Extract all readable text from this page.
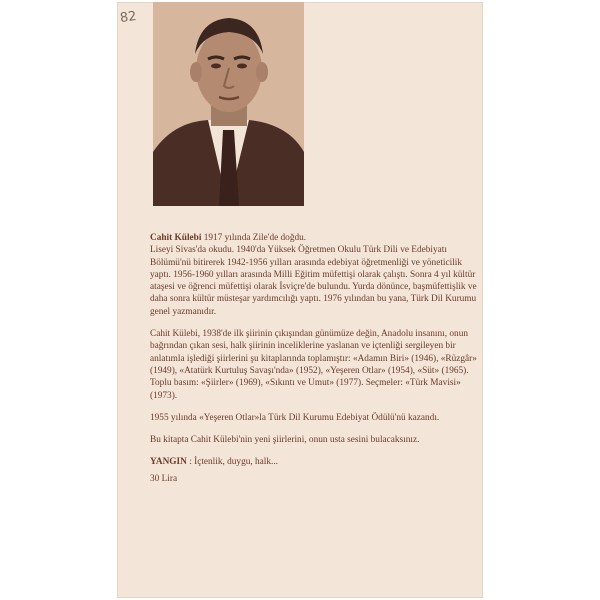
82

Cahit Külebi 1917 yılında Zile'de doğdu.
Liseyi Sivas'da okudu. 1940'da Yüksek Öğretmen Okulu Türk Dili ve Edebiyatı Bölümü'nü bitirerek 1942-1956 yılları arasında edebiyat öğretmenliği ve yöneticilik yaptı. 1956-1960 yılları arasında Milli Eğitim müfettişi olarak çalıştı. Sonra 4 yıl kültür ataşesi ve öğrenci müfettişi olarak İsviçre'de bulundu. Yurda dönünce, başmüfettişlik ve daha sonra kültür müsteşar yardımcılığı yaptı. 1976 yılından bu yana, Türk Dil Kurumu genel yazmanıdır.

Cahit Külebi, 1938'de ilk şiirinin çıkışından günümüze değin, Anadolu insanını, onun bağrından çıkan sesi, halk şiirinin inceliklerine yaslanan ve içtenliği sergileyen bir anlatımla işlediği şiirlerini şu kitaplarında toplamıştır: «Adamın Biri» (1946), «Rüzgâr» (1949), «Atatürk Kurtuluş Savaşı'nda» (1952), «Yeşeren Otlar» (1954), «Süt» (1965). Toplu basım: «Şiirler» (1969), «Sıkıntı ve Umut» (1977). Seçmeler: «Türk Mavisi» (1973).

1955 yılında «Yeşeren Otlar»la Türk Dil Kurumu Edebiyat Ödülü'nü kazandı.

Bu kitapta Cahit Külebi'nin yeni şiirlerini, onun usta sesini bulacaksınız.

YANGIN : İçtenlik, duygu, halk...

30 Lira
